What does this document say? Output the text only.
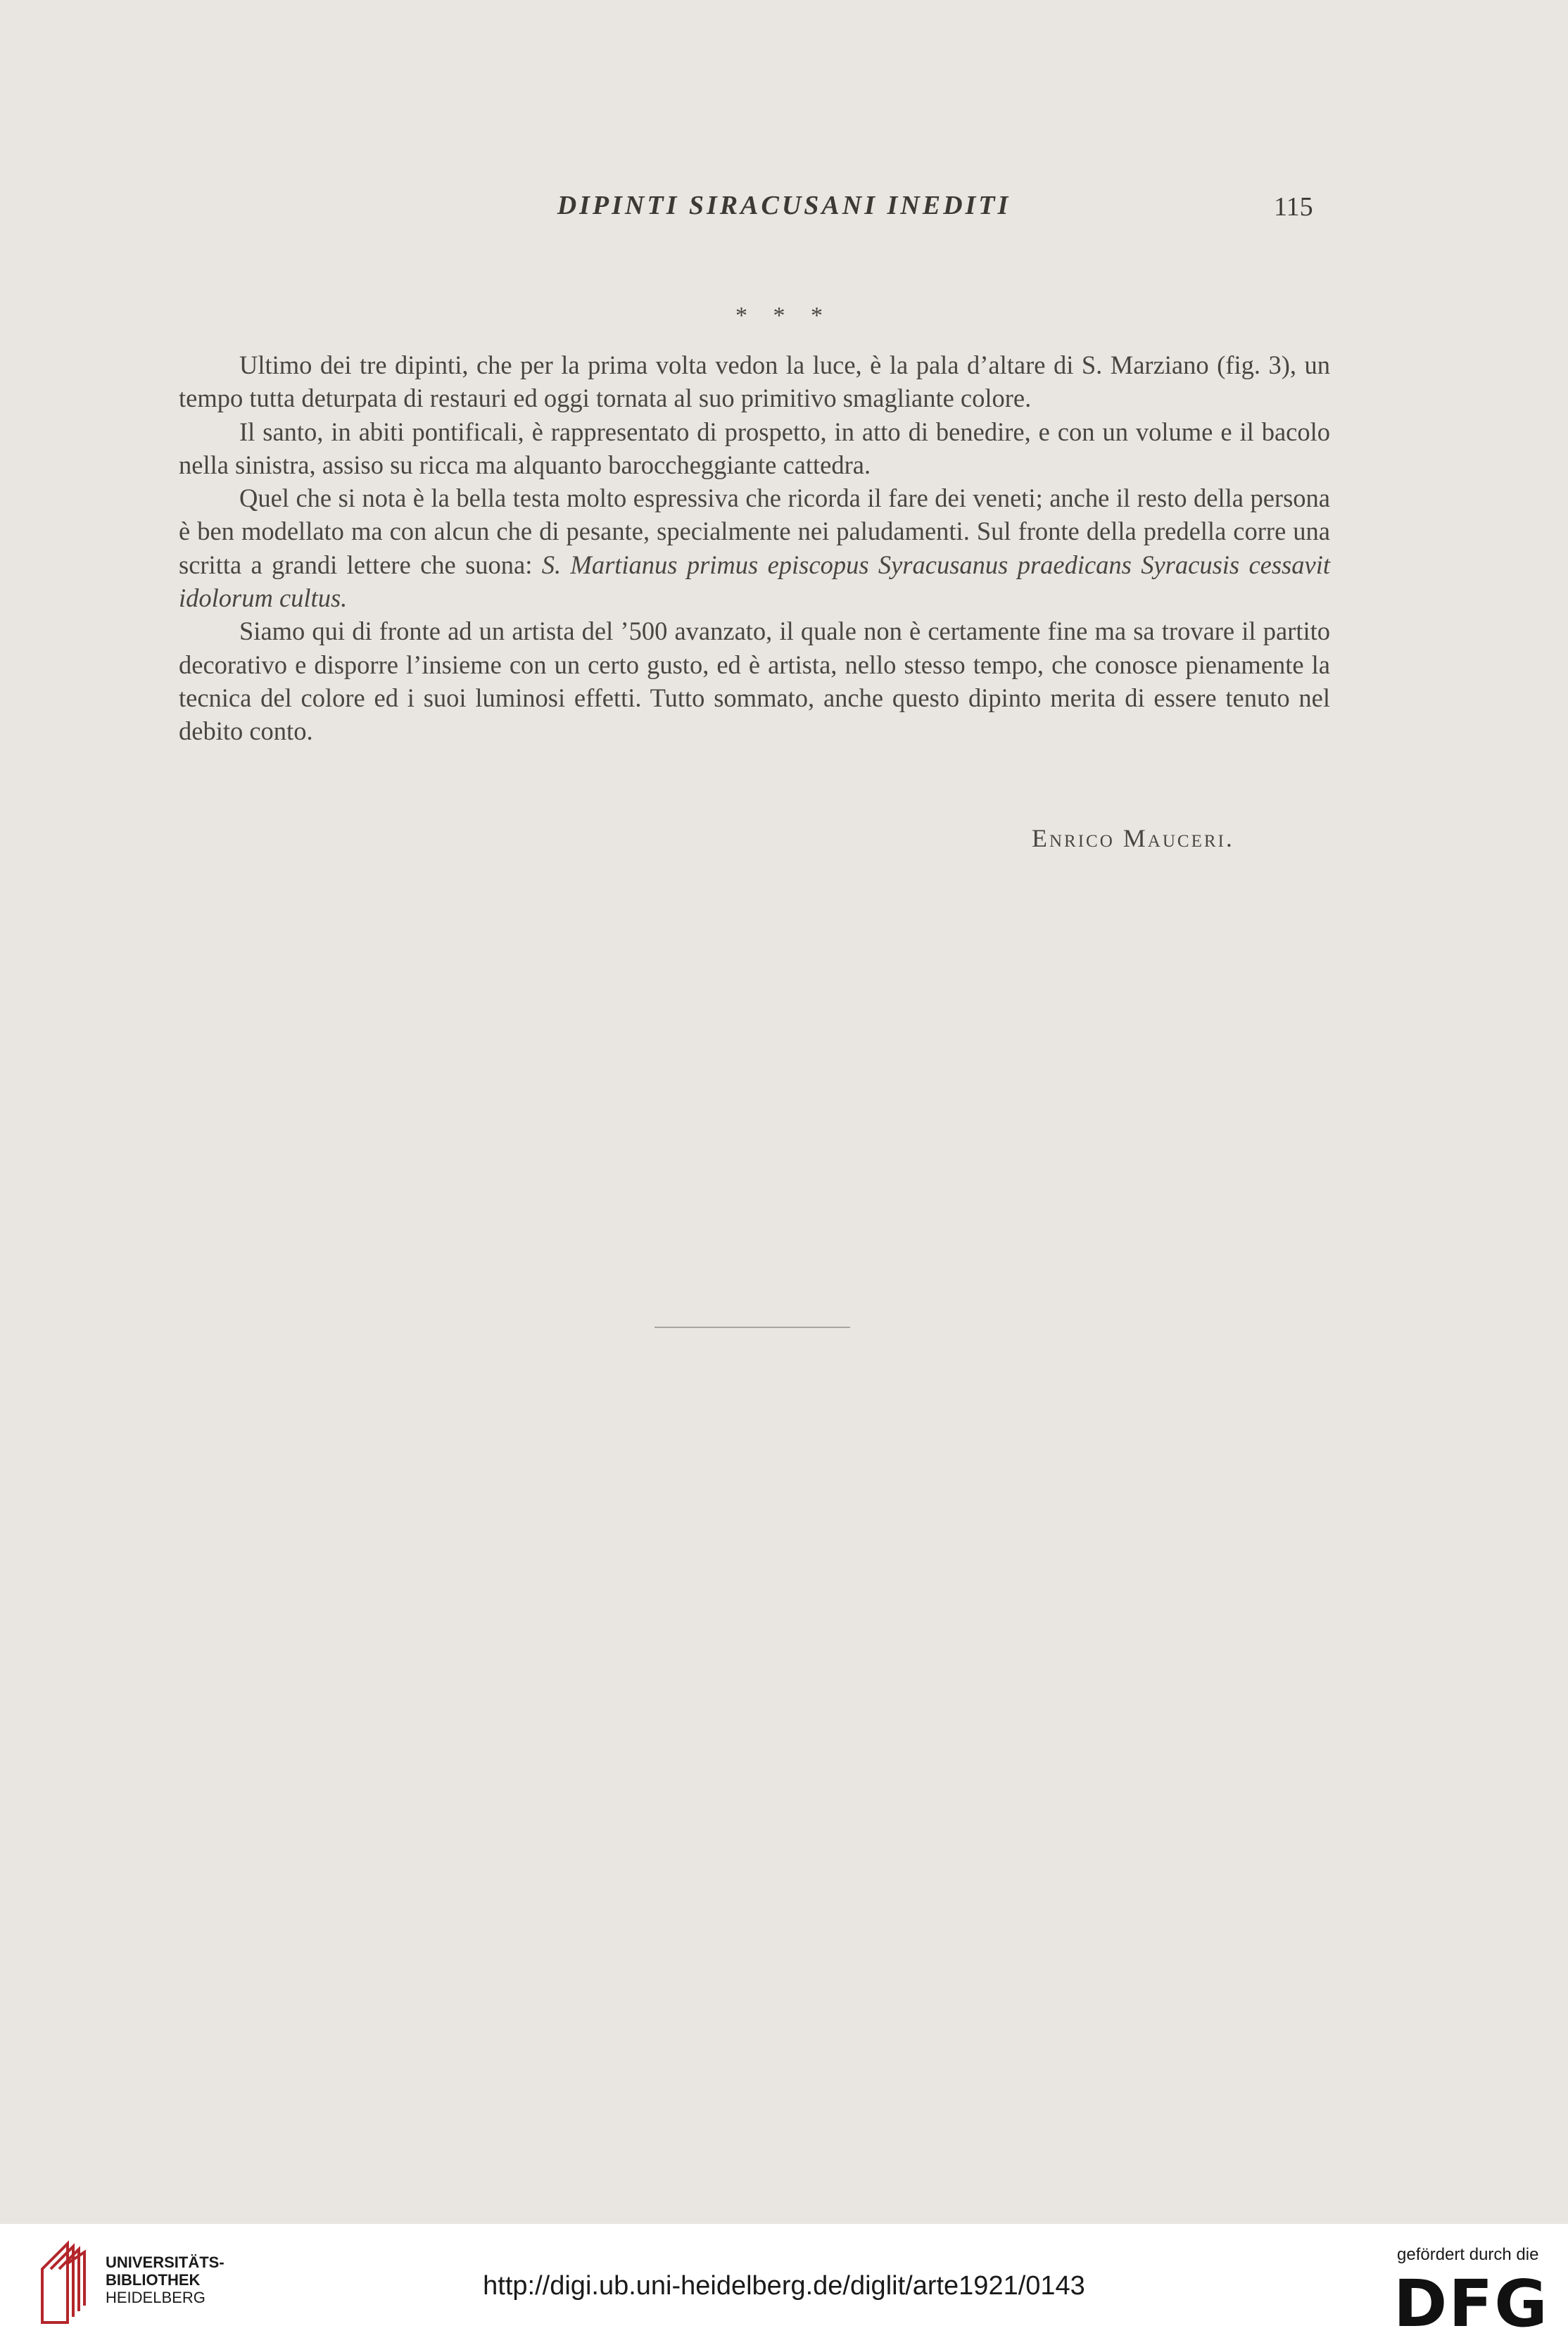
DIPINTI SIRACUSANI INEDITI	115
* * *

Ultimo dei tre dipinti, che per la prima volta vedon la luce, è la pala d’altare di S. Marziano (fig. 3), un tempo tutta deturpata di restauri ed oggi tornata al suo primitivo smagliante colore.

Il santo, in abiti pontificali, è rappresentato di prospetto, in atto di benedire, e con un volume e il bacolo nella sinistra, assiso su ricca ma alquanto baroccheggiante cattedra.

Quel che si nota è la bella testa molto espressiva che ricorda il fare dei veneti; anche il resto della persona è ben modellato ma con alcun che di pesante, specialmente nei paludamenti. Sul fronte della predella corre una scritta a grandi lettere che suona: S. Martianus primus episcopus Syracusanus praedicans Syracusis cessavit idolorum cultus.

Siamo qui di fronte ad un artista del ’500 avanzato, il quale non è certamente fine ma sa trovare il partito decorativo e disporre l’insieme con un certo gusto, ed è artista, nello stesso tempo, che conosce pienamente la tecnica del colore ed i suoi luminosi effetti. Tutto sommato, anche questo dipinto merita di essere tenuto nel debito conto.

Enrico Mauceri.
UNIVERSITÄTS-
BIBLIOTHEK
HEIDELBERG	http://digi.ub.uni-heidelberg.de/diglit/arte1921/0143
gefördert durch die
DFG
